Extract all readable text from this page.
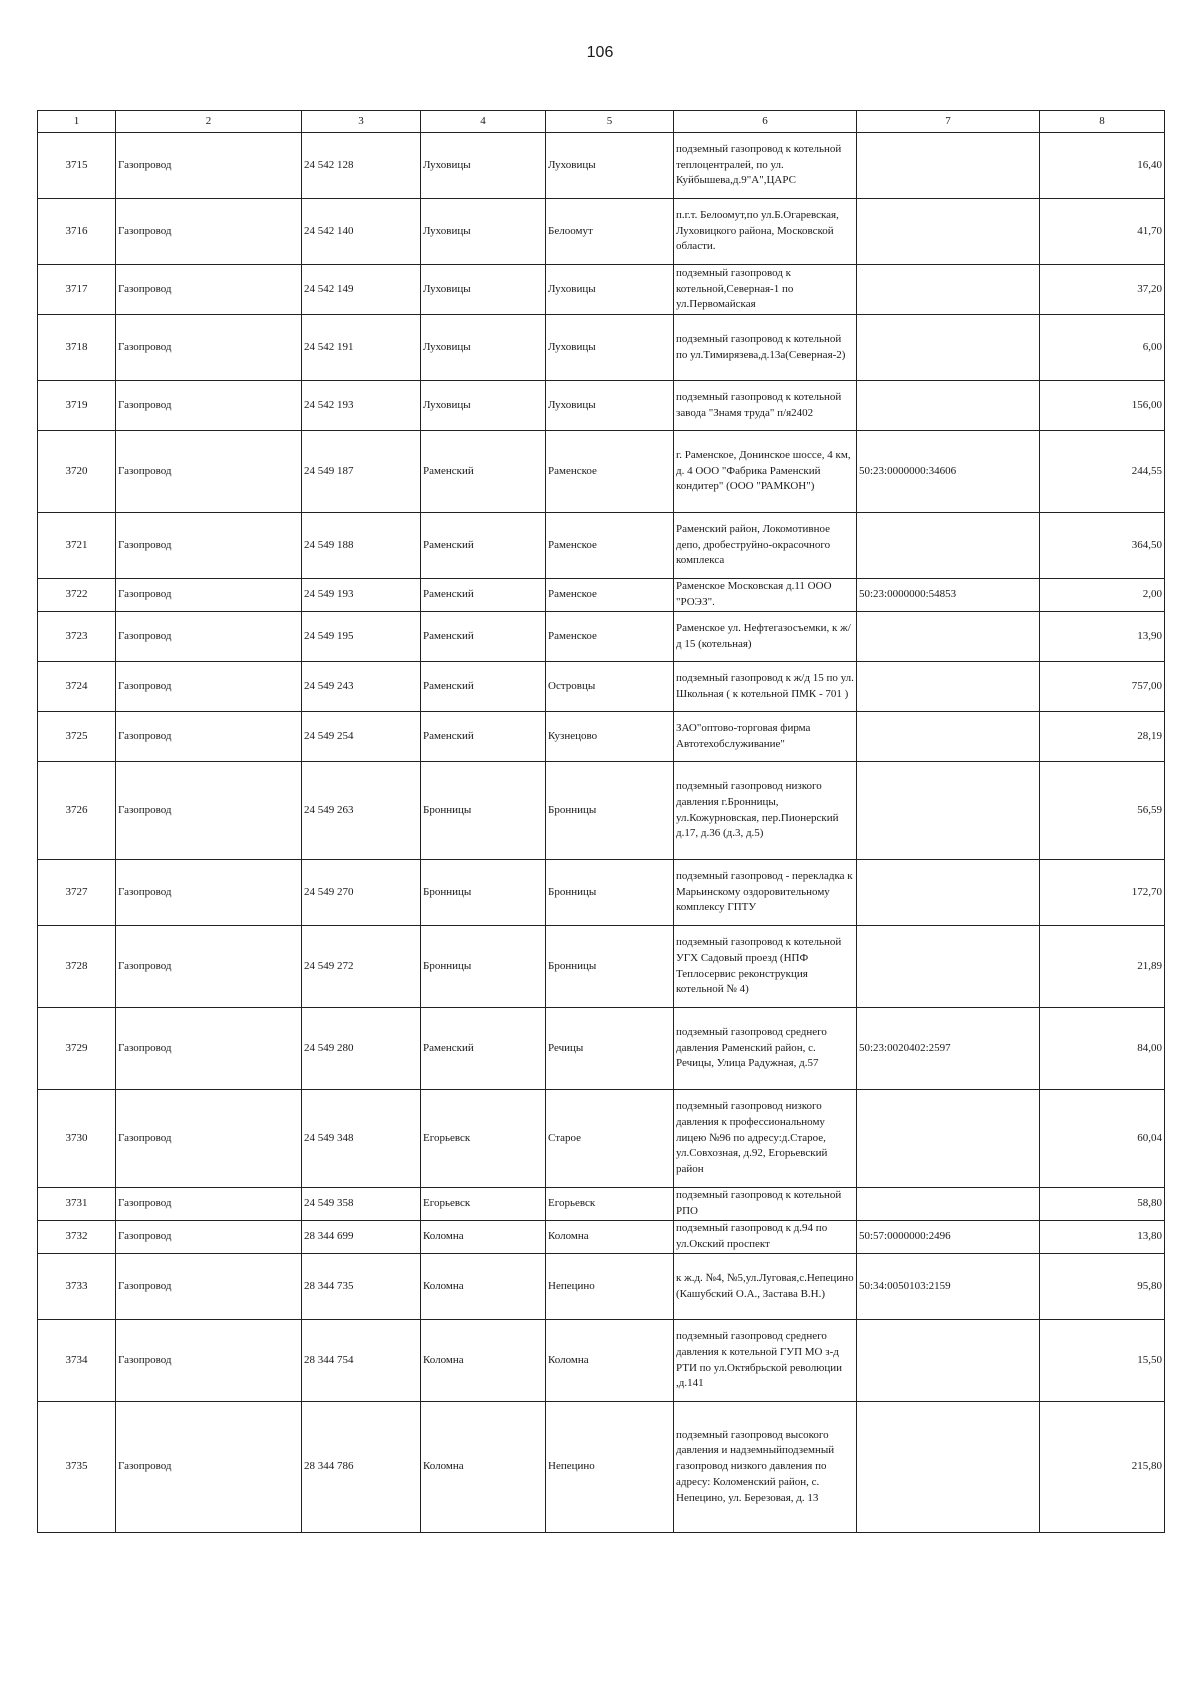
106
1	2	3	4	5	6	7	8
3715	Газопровод	24 542 128	Луховицы	Луховицы	подземный газопровод к котельной теплоцентралей, по ул. Куйбышева,д.9"А",ЦАРС		16,40
3716	Газопровод	24 542 140	Луховицы	Белоомут	п.г.т. Белоомут,по ул.Б.Огаревская, Луховицкого района, Московской области.		41,70
3717	Газопровод	24 542 149	Луховицы	Луховицы	подземный газопровод к котельной,Северная-1 по ул.Первомайская		37,20
3718	Газопровод	24 542 191	Луховицы	Луховицы	подземный газопровод к котельной по ул.Тимирязева,д.13а(Северная-2)		6,00
3719	Газопровод	24 542 193	Луховицы	Луховицы	подземный газопровод к котельной завода "Знамя труда" п/я2402		156,00
3720	Газопровод	24 549 187	Раменский	Раменское	г. Раменское, Донинское шоссе, 4 км, д. 4 ООО "Фабрика Раменский кондитер" (ООО "РАМКОН")	50:23:0000000:34606	244,55
3721	Газопровод	24 549 188	Раменский	Раменское	Раменский район, Локомотивное депо, дробеструйно-окрасочного комплекса		364,50
3722	Газопровод	24 549 193	Раменский	Раменское	Раменское Московская д.11 ООО "РОЭЗ".	50:23:0000000:54853	2,00
3723	Газопровод	24 549 195	Раменский	Раменское	Раменское ул. Нефтегазосъемки, к ж/д 15 (котельная)		13,90
3724	Газопровод	24 549 243	Раменский	Островцы	подземный газопровод к ж/д 15 по ул. Школьная ( к котельной ПМК - 701 )		757,00
3725	Газопровод	24 549 254	Раменский	Кузнецово	ЗАО"оптово-торговая фирма Автотехобслуживание"		28,19
3726	Газопровод	24 549 263	Бронницы	Бронницы	подземный газопровод низкого давления г.Бронницы, ул.Кожурновская, пер.Пионерский д.17, д.36 (д.3, д.5)		56,59
3727	Газопровод	24 549 270	Бронницы	Бронницы	подземный газопровод - перекладка к Марьинскому оздоровительному комплексу ГПТУ		172,70
3728	Газопровод	24 549 272	Бронницы	Бронницы	подземный газопровод к котельной УГХ Садовый проезд (НПФ Теплосервис реконструкция котельной № 4)		21,89
3729	Газопровод	24 549 280	Раменский	Речицы	подземный газопровод среднего давления Раменский район, с. Речицы, Улица Радужная, д.57	50:23:0020402:2597	84,00
3730	Газопровод	24 549 348	Егорьевск	Старое	подземный газопровод низкого давления к профессиональному лицею №96 по адресу:д.Старое, ул.Совхозная, д.92, Егорьевский район		60,04
3731	Газопровод	24 549 358	Егорьевск	Егорьевск	подземный газопровод к котельной РПО		58,80
3732	Газопровод	28 344 699	Коломна	Коломна	подземный газопровод к д.94 по ул.Окский проспект	50:57:0000000:2496	13,80
3733	Газопровод	28 344 735	Коломна	Непецино	к ж.д. №4, №5,ул.Луговая,с.Непецино (Кашубский О.А., Застава В.Н.)	50:34:0050103:2159	95,80
3734	Газопровод	28 344 754	Коломна	Коломна	подземный газопровод среднего давления к котельной ГУП МО з-д РТИ по ул.Октябрьской революции ,д.141		15,50
3735	Газопровод	28 344 786	Коломна	Непецино	подземный газопровод высокого давления и надземныйподземный газопровод низкого давления по адресу: Коломенский район, с. Непецино, ул. Березовая, д. 13		215,80
